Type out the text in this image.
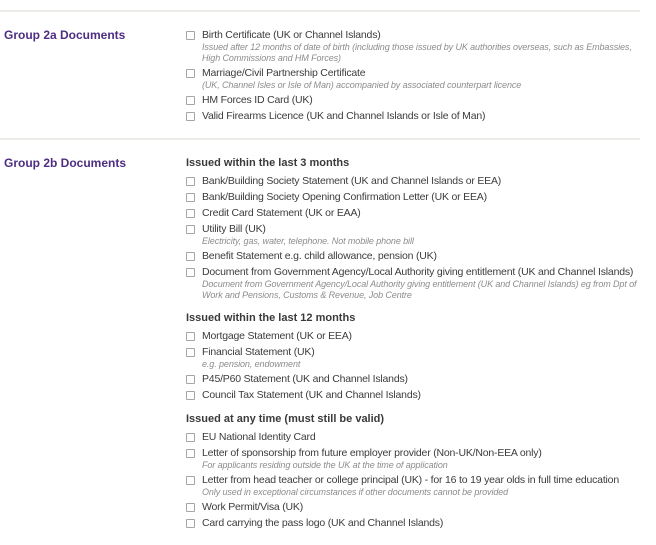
Group 2a Documents	Birth Certificate (UK or Channel Islands)
Issued after 12 months of date of birth (including those issued by UK authorities overseas, such as Embassies, High Commissions and HM Forces)
Marriage/Civil Partnership Certificate
(UK, Channel Isles or Isle of Man) accompanied by associated counterpart licence
HM Forces ID Card (UK)
Valid Firearms Licence (UK and Channel Islands or Isle of Man)
Group 2b Documents	Issued within the last 3 months
Bank/Building Society Statement (UK and Channel Islands or EEA)
Bank/Building Society Opening Confirmation Letter (UK or EEA)
Credit Card Statement (UK or EAA)
Utility Bill (UK)
Electricity, gas, water, telephone. Not mobile phone bill
Benefit Statement e.g. child allowance, pension (UK)
Document from Government Agency/Local Authority giving entitlement (UK and Channel Islands)
Document from Government Agency/Local Authority giving entitlement (UK and Channel Islands) eg from Dpt of Work and Pensions, Customs & Revenue, Job Centre
Issued within the last 12 months
Mortgage Statement (UK or EEA)
Financial Statement (UK)
e.g. pension, endowment
P45/P60 Statement (UK and Channel Islands)
Council Tax Statement (UK and Channel Islands)
Issued at any time (must still be valid)
EU National Identity Card
Letter of sponsorship from future employer provider (Non-UK/Non-EEA only)
For applicants residing outside the UK at the time of application
Letter from head teacher or college principal (UK) - for 16 to 19 year olds in full time education
Only used in exceptional circumstances if other documents cannot be provided
Work Permit/Visa (UK)
Card carrying the pass logo (UK and Channel Islands)
